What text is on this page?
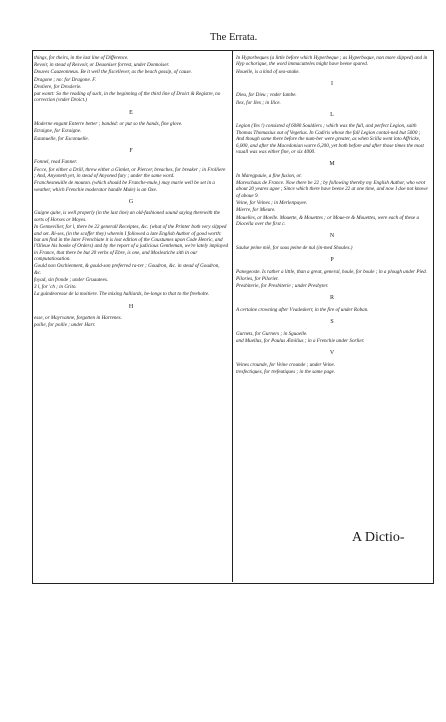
The Errata.
things, for theirs, in the last line of Difference.
Revoir, in stead of Resvoir, or Deuoniser forrest, under Donnoiser.
Douves Cauzeonneux. Be it well the fiscellever, as the beach gossip, of cause.
Dragone ; no: for Dragone. F.
Droliere, for Droslerie.
put wantt: So the reading of such, in the beginning of the third line of Droict & Registre, no correction (vnder Droict.)
E
Moderne engant Enterre better ; banded: or put so the hands, fine glove.
Etraigne, for Esraigne.
Estanuelle, for Esconuelle.
F
Fonnel, read Fanner.
Fecce, for either a Drill, threw either a Gimlet, or Piercer, breaches, for breaker ; in Frolliere ; And, Anyoneth yet, in stead of Anyoned fury ; under the same word.
Franchesneuille de mouton. (which should be Franche-mule,) may marie well be set in a weather, which Frenchie moderator handle Mule) is an Oxe.
G
Guigne quite, is well properly (in the last line) an old-fashioned sound saying therewith the sorts of Horses or Moyes.
In Gennevilier, for l, there be 22 generall Receiptes, &c. (what of the Printer both very silpped and set. Ri-ses, (in the scoffer they) wherein I followed a late English Author of good worth: but am find in the later Frenchiate it is lost edition of the Coustumes upon Code Henric, and l'Olieue his booke of Orders) and by the report of a judicious Gentleman, we're lately implayed in France, that there be but 20 verbs of Ebre, is one, and Moslestiche sith in our computatiosation.
Gould non Oschiennent, & gould-son preferred ra-ter ; Goudron, &c. in stead of Goudron, &c.
foyad, sin fronde ; under Gruautees.
3 l, for 'ch ; in Grito.
La guindeoresse de la moitiere. The mixing halliards, he-longs to that to the freeholte.
H
esse, or Mayrvanne, forgotten in Harrenes.
poilie, for poilie ; under Harr.
In Hyporbeques (a little before which Hyperbeque ; as Hyperboque, non more slipped) and in Hyp ochorique, the word immacutteles might have beene spared.
Houelle, is a kind of sea-snake.
I
Dieu, for Dieu ; vnder Iambe.
Ilex, for Ilex ; in Ilice.
L
Legion (Yes !) consisted of 6080 Souldiers ; which was the full, and perfect Legion, saith Thomas Thomasius out of Vegetius. In Cadiris whose the fall Legion contai-ned but 5000 ; And though some there before the num-ber were greater, as when Scilla went into Affricke, 6,000, and after the Macedonian warre 6,200, yet both before and after those times the most vsuall was was either fine, or six 4000.
M
In Maregpauie, a fine fusion, or.
Mareschaux de France. Now there be 22 ; by following thereby my English Author, who wrot about 20 yeares agoe ; Since which there have beene 22 at one time, and now I doe not knowe of aboue 9.
Veine, for Veines ; in Merlenpuyee.
Mierre, for Mieure.
Mouelles, or Moelle. Mouette, & Mouettes ; or Moue-te & Mouettes, were each of these a Diocella over the first c.
N
Saulse peine miê, for sous peine de nul (in-med Shoules.)
P
Panegeoste. Is rather a little, than a great, general, houle, for boule ; in a plough under Pied.
Pilories, for Pilorier.
Presbiterie, for Presbiterie ; under Presbyter.
R
A certaine crowning after Vvadeskerr, in the fire of under Roban.
S
Gurnets, for Gurners ; in Sguaelle.
and Muellus, for Paulus Æmilius ; in a Frenchie under Sorlier.
V
Veines crounde, for Veine crounde ; under Veine.
tresfectiques, for trefeutiques ; in the same page.
A Dictio-
